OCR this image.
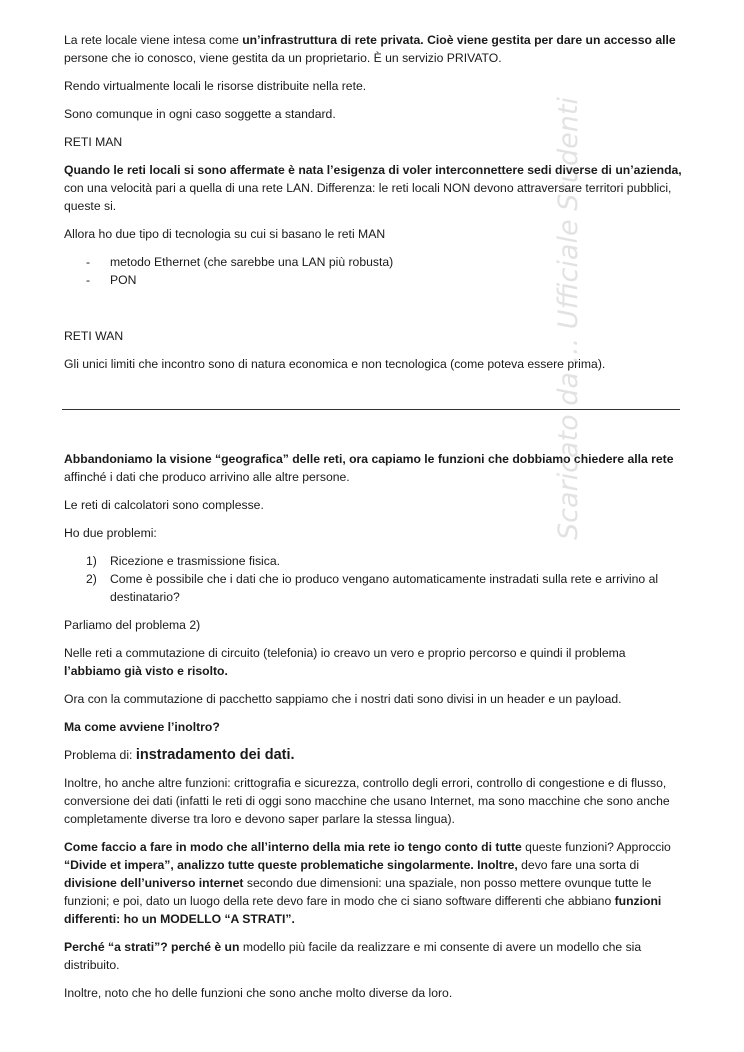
La rete locale viene intesa come un’infrastruttura di rete privata. Cioè viene gestita per dare un accesso alle
persone che io conosco, viene gestita da un proprietario. È un servizio PRIVATO.

Rendo virtualmente locali le risorse distribuite nella rete.

Sono comunque in ogni caso soggette a standard.

RETI MAN

Quando le reti locali si sono affermate è nata l’esigenza di voler interconnettere sedi diverse di un’azienda,
con una velocità pari a quella di una rete LAN. Differenza: le reti locali NON devono attraversare territori pubblici, queste si.

Allora ho due tipo di tecnologia su cui si basano le reti MAN

- metodo Ethernet (che sarebbe una LAN più robusta)
- PON

RETI WAN

Gli unici limiti che incontro sono di natura economica e non tecnologica (come poteva essere prima).

Abbandoniamo la visione “geografica” delle reti, ora capiamo le funzioni che dobbiamo chiedere alla rete
affinché i dati che produco arrivino alle altre persone.

Le reti di calcolatori sono complesse.

Ho due problemi:

1) Ricezione e trasmissione fisica.
2) Come è possibile che i dati che io produco vengano automaticamente instradati sulla rete e arrivino al destinatario?

Parliamo del problema 2)

Nelle reti a commutazione di circuito (telefonia) io creavo un vero e proprio percorso e quindi il problema l’abbiamo già visto e risolto.

Ora con la commutazione di pacchetto sappiamo che i nostri dati sono divisi in un header e un payload.

Ma come avviene l’inoltro?

Problema di: instradamento dei dati.

Inoltre, ho anche altre funzioni: crittografia e sicurezza, controllo degli errori, controllo di congestione e di flusso, conversione dei dati (infatti le reti di oggi sono macchine che usano Internet, ma sono macchine che sono anche completamente diverse tra loro e devono saper parlare la stessa lingua).

Come faccio a fare in modo che all’interno della mia rete io tengo conto di tutte queste funzioni? Approccio “Divide et impera”, analizzo tutte queste problematiche singolarmente. Inoltre, devo fare una sorta di divisione dell’universo internet secondo due dimensioni: una spaziale, non posso mettere ovunque tutte le funzioni; e poi, dato un luogo della rete devo fare in modo che ci siano software differenti che abbiano funzioni differenti: ho un MODELLO “A STRATI”.

Perché “a strati”? perché è un modello più facile da realizzare e mi consente di avere un modello che sia distribuito.

Inoltre, noto che ho delle funzioni che sono anche molto diverse da loro.

Scaricato da ... Ufficiale Studenti
